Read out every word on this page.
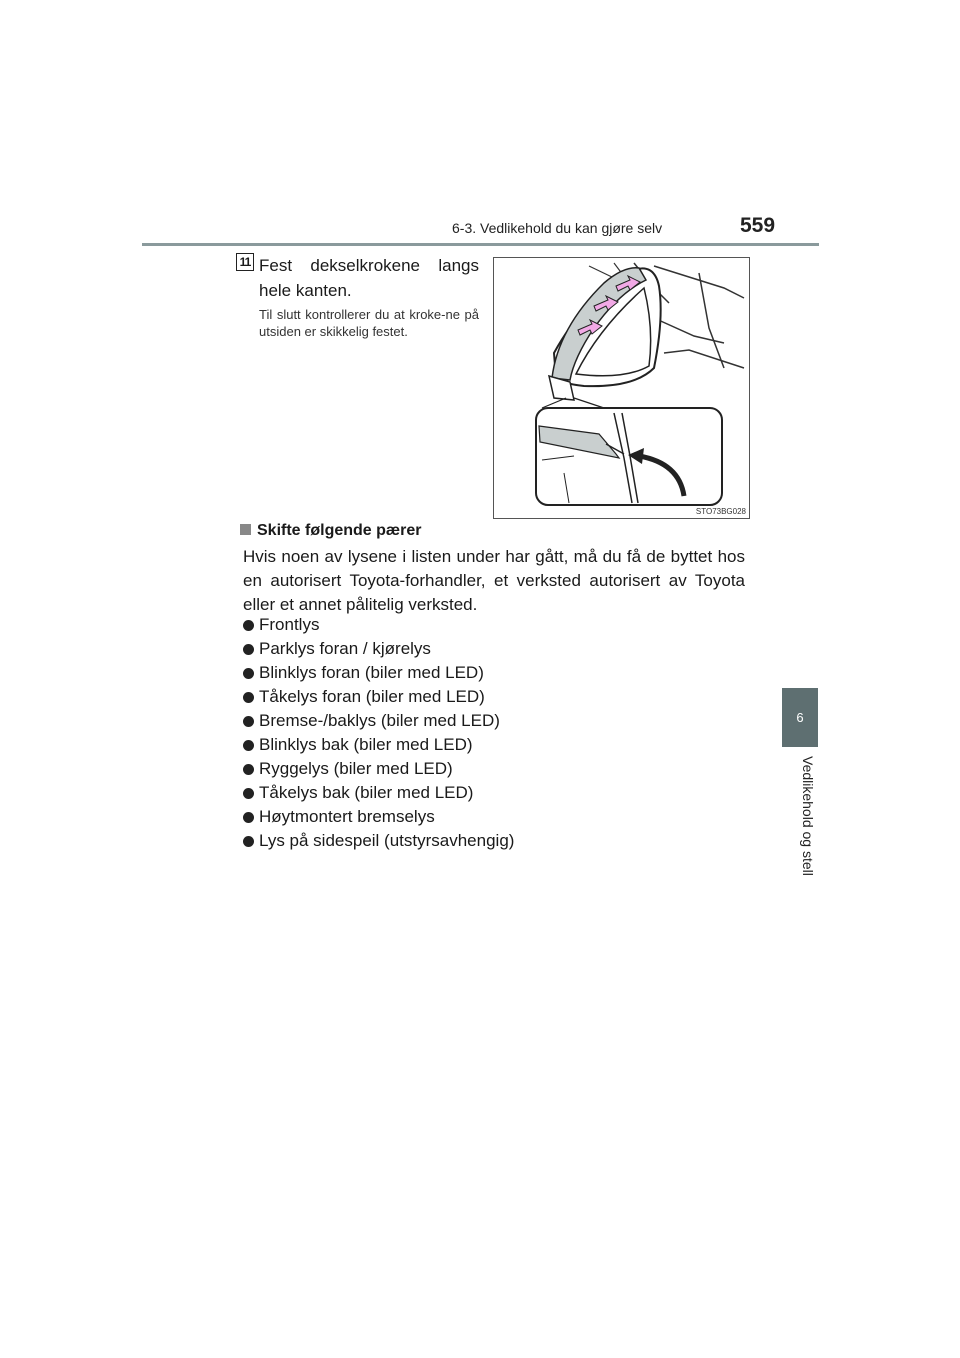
6-3. Vedlikehold du kan gjøre selv	559
6
Vedlikehold og stell
11 Fest dekselkrokene langs
hele kanten.
Til slutt kontrollerer du at kroke-ne på utsiden er skikkelig festet.
STO73BG028
Skifte følgende pærer
Hvis noen av lysene i listen under har gått, må du få de byttet hos en autorisert Toyota-forhandler, et verksted autorisert av Toyota eller et annet pålitelig verksted.
Frontlys
Parklys foran / kjørelys
Blinklys foran (biler med LED)
Tåkelys foran (biler med LED)
Bremse-/baklys (biler med LED)
Blinklys bak (biler med LED)
Ryggelys (biler med LED)
Tåkelys bak (biler med LED)
Høytmontert bremselys
Lys på sidespeil (utstyrsavhengig)
